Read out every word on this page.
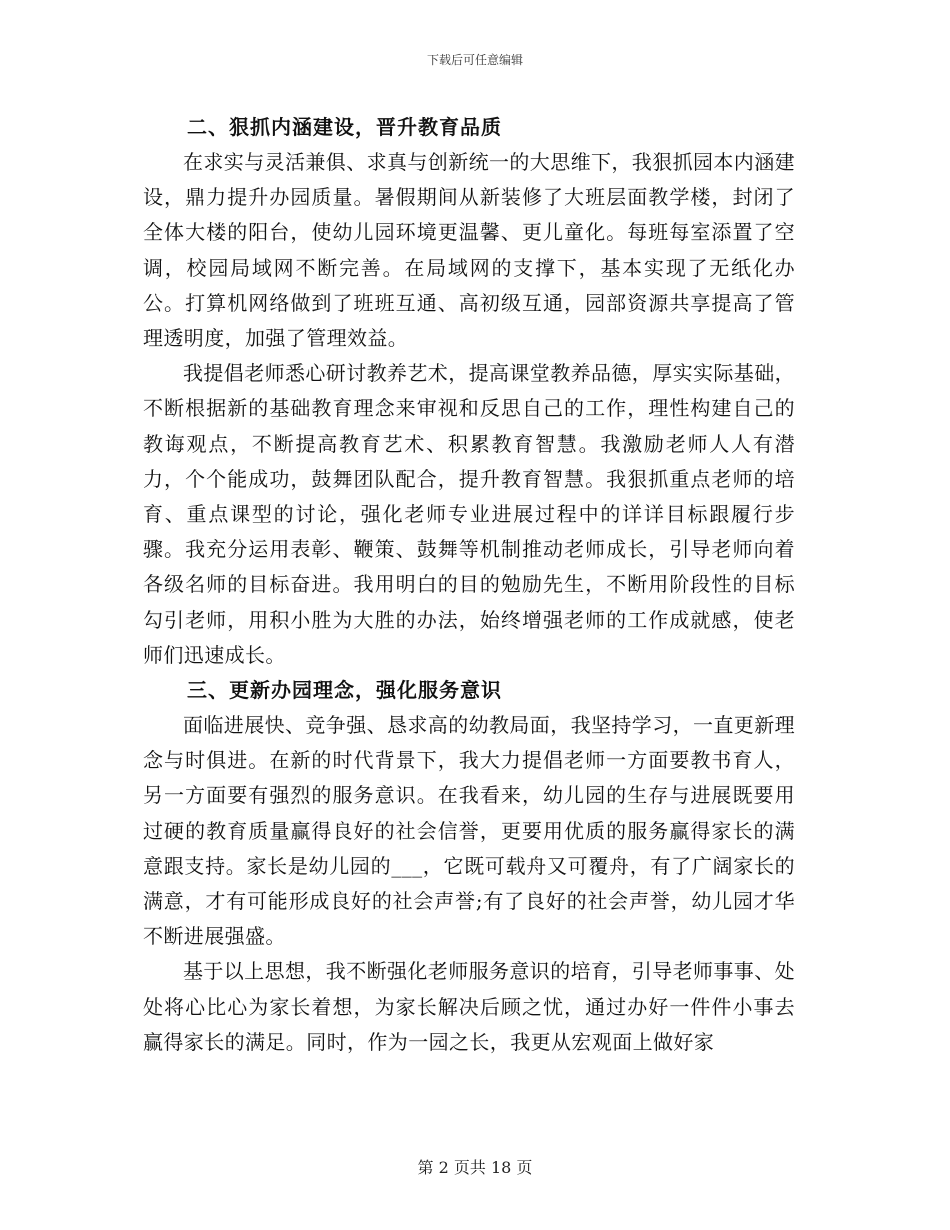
下载后可任意编辑
二、狠抓内涵建设，晋升教育品质

在求实与灵活兼俱、求真与创新统一的大思维下，我狠抓园本内涵建设，鼎力提升办园质量。暑假期间从新装修了大班层面教学楼，封闭了全体大楼的阳台，使幼儿园环境更温馨、更儿童化。每班每室添置了空调，校园局域网不断完善。在局域网的支撑下，基本实现了无纸化办公。打算机网络做到了班班互通、高初级互通，园部资源共享提高了管理透明度，加强了管理效益。

我提倡老师悉心研讨教养艺术，提高课堂教养品德，厚实实际基础，不断根据新的基础教育理念来审视和反思自己的工作，理性构建自己的教诲观点，不断提高教育艺术、积累教育智慧。我激励老师人人有潜力，个个能成功，鼓舞团队配合，提升教育智慧。我狠抓重点老师的培育、重点课型的讨论，强化老师专业进展过程中的详详目标跟履行步骤。我充分运用表彰、鞭策、鼓舞等机制推动老师成长，引导老师向着各级名师的目标奋进。我用明白的目的勉励先生，不断用阶段性的目标勾引老师，用积小胜为大胜的办法，始终增强老师的工作成就感，使老师们迅速成长。

三、更新办园理念，强化服务意识

面临进展快、竞争强、恳求高的幼教局面，我坚持学习，一直更新理念与时俱进。在新的时代背景下，我大力提倡老师一方面要教书育人，另一方面要有强烈的服务意识。在我看来，幼儿园的生存与进展既要用过硬的教育质量赢得良好的社会信誉，更要用优质的服务赢得家长的满意跟支持。家长是幼儿园的___，它既可载舟又可覆舟，有了广阔家长的满意，才有可能形成良好的社会声誉;有了良好的社会声誉，幼儿园才华不断进展强盛。

基于以上思想，我不断强化老师服务意识的培育，引导老师事事、处处将心比心为家长着想，为家长解决后顾之忧，通过办好一件件小事去赢得家长的满足。同时，作为一园之长，我更从宏观面上做好家

第 2 页共 18 页
